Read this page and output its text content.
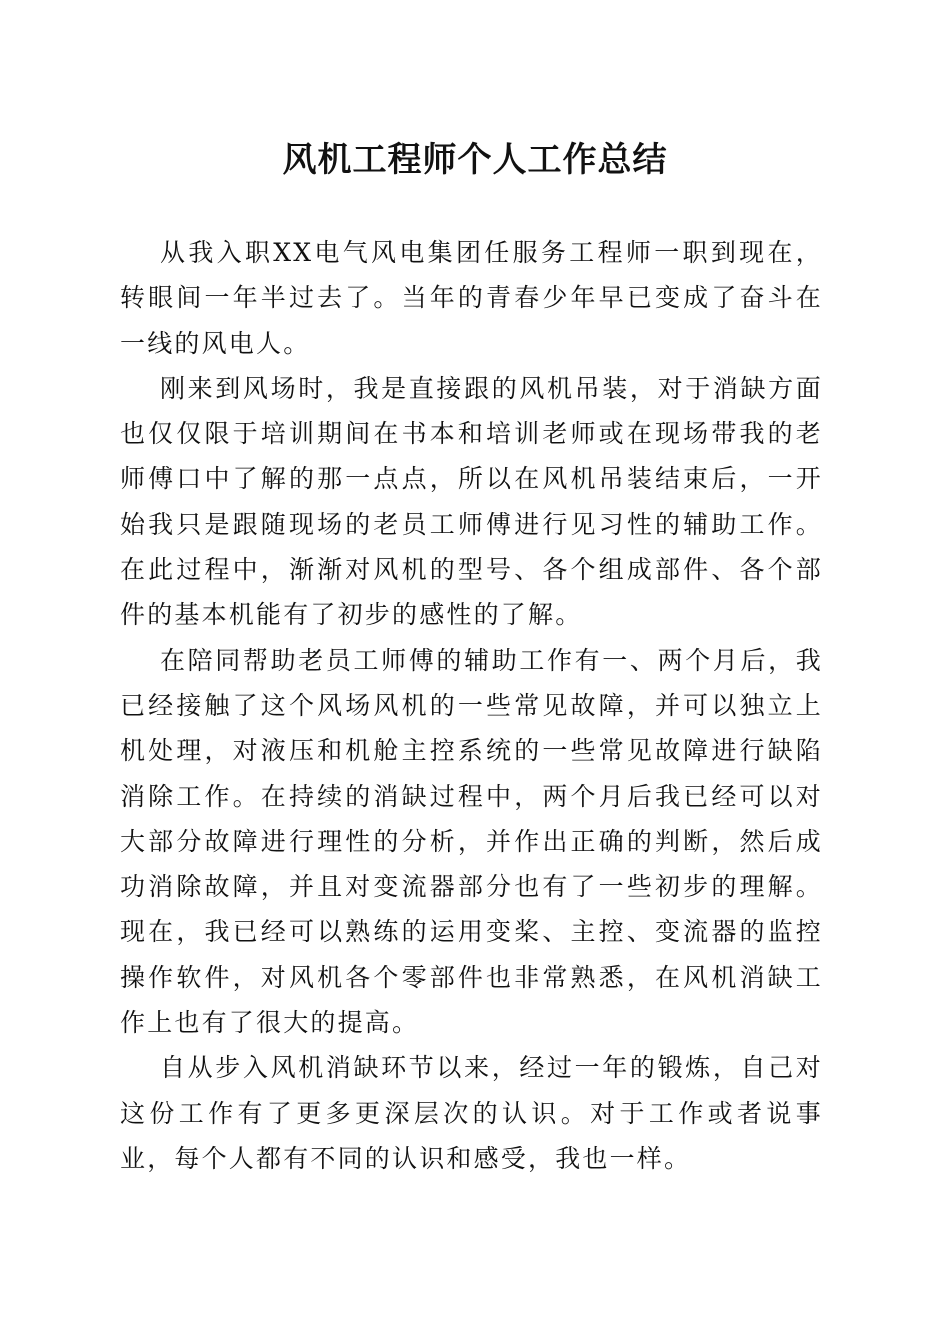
风机工程师个人工作总结

从我入职XX电气风电集团任服务工程师一职到现在，转眼间一年半过去了。当年的青春少年早已变成了奋斗在一线的风电人。

刚来到风场时，我是直接跟的风机吊装，对于消缺方面也仅仅限于培训期间在书本和培训老师或在现场带我的老师傅口中了解的那一点点，所以在风机吊装结束后，一开始我只是跟随现场的老员工师傅进行见习性的辅助工作。在此过程中，渐渐对风机的型号、各个组成部件、各个部件的基本机能有了初步的感性的了解。

在陪同帮助老员工师傅的辅助工作有一、两个月后，我已经接触了这个风场风机的一些常见故障，并可以独立上机处理，对液压和机舱主控系统的一些常见故障进行缺陷消除工作。在持续的消缺过程中，两个月后我已经可以对大部分故障进行理性的分析，并作出正确的判断，然后成功消除故障，并且对变流器部分也有了一些初步的理解。现在，我已经可以熟练的运用变桨、主控、变流器的监控操作软件，对风机各个零部件也非常熟悉，在风机消缺工作上也有了很大的提高。

自从步入风机消缺环节以来，经过一年的锻炼，自己对这份工作有了更多更深层次的认识。对于工作或者说事业，每个人都有不同的认识和感受，我也一样。
